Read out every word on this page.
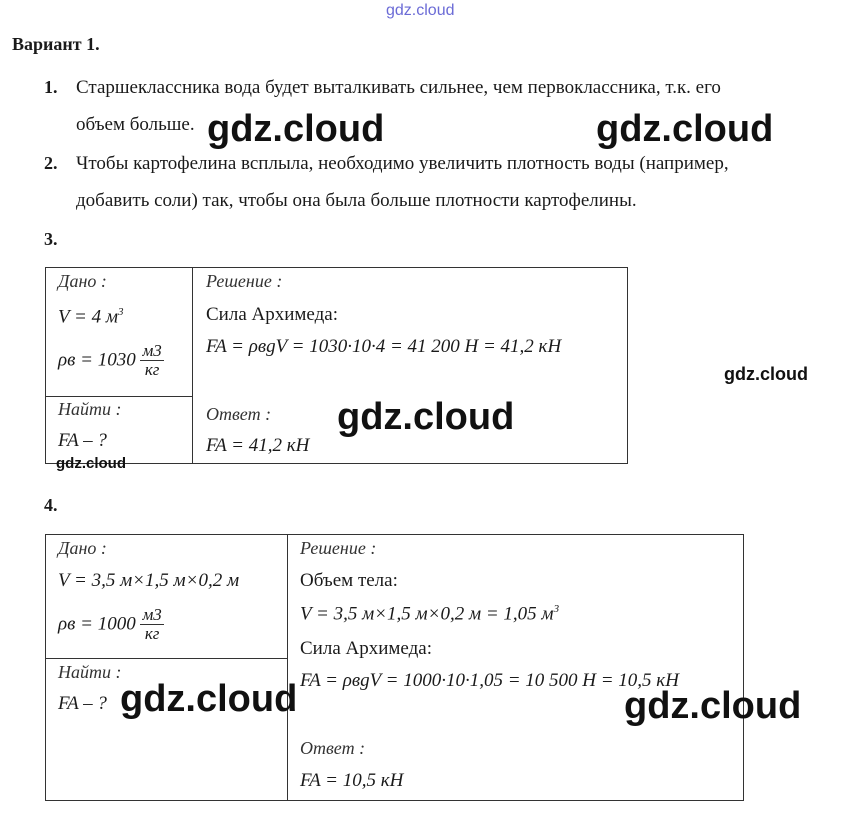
gdz.cloud
Вариант 1.
1. Старшеклассника вода будет выталкивать сильнее, чем первоклассника, т.к. его
объем больше.
2. Чтобы картофелина всплыла, необходимо увеличить плотность воды (например,
добавить соли) так, чтобы она была больше плотности картофелины.
3.
Дано :
V = 4 $м^3$
$\rho в = 1030 \frac{м3}{кг}$
Найти :
FA – ?
Решение :
Сила Архимеда:
FA = ρвgV = 1030·10·4 = 41 200 Н = 41,2 кН
Ответ :
FA = 41,2 кН
4.
Дано :
V = 3,5 м×1,5 м×0,2 м
$\rho в = 1000 \frac{м3}{кг}$
Найти :
FA – ?
Решение :
Объем тела:
V = 3,5 м×1,5 м×0,2 м = 1,05 $м^3$
Сила Архимеда:
FA = ρвgV = 1000·10·1,05 = 10 500 Н = 10,5 кН
Ответ :
FA = 10,5 кН
gdz.cloud	gdz.cloud
gdz.cloud
gdz.cloud
gdz.cloud
gdz.cloud	gdz.cloud
